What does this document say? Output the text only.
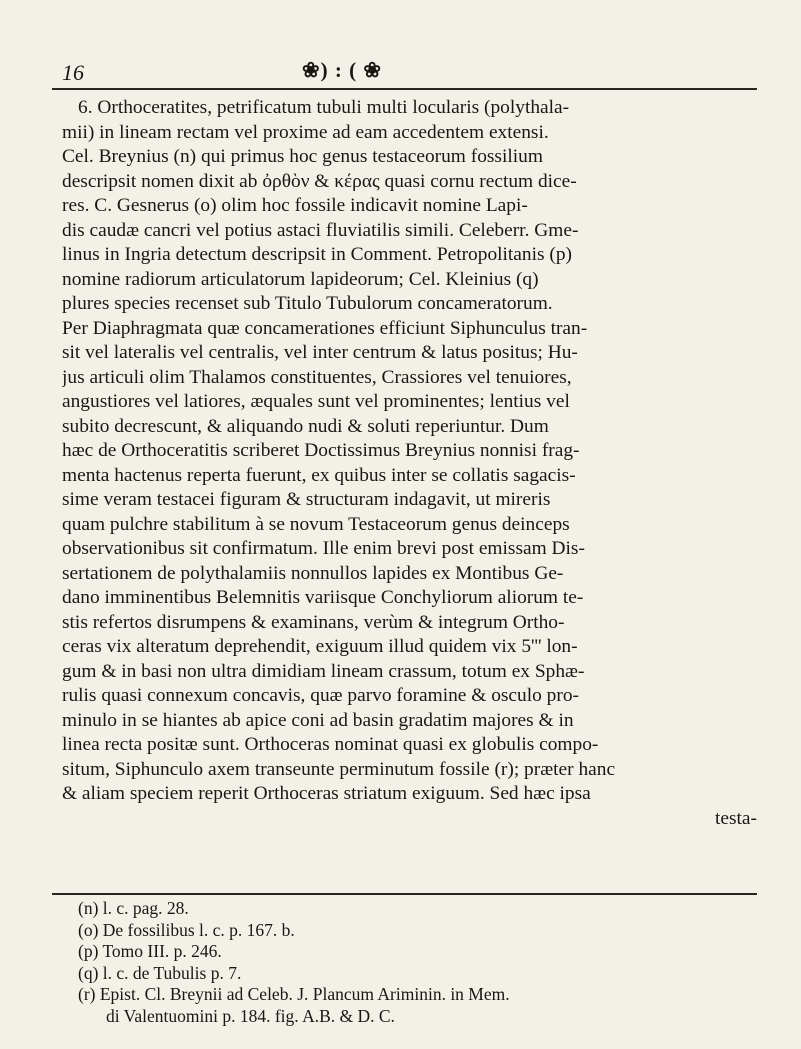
16	❀) : ( ❀
6. Orthoceratites, petrificatum tubuli multi locularis (polythala-
mii) in lineam rectam vel proxime ad eam accedentem extensi.
Cel. Breynius (n) qui primus hoc genus testaceorum fossilium
descripsit nomen dixit ab ὀρθὸν & κέρας quasi cornu rectum dice-
res. C. Gesnerus (o) olim hoc fossile indicavit nomine Lapi-
dis caudæ cancri vel potius astaci fluviatilis simili. Celeberr. Gme-
linus in Ingria detectum descripsit in Comment. Petropolitanis (p)
nomine radiorum articulatorum lapideorum; Cel. Kleinius (q)
plures species recenset sub Titulo Tubulorum concameratorum.
Per Diaphragmata quæ concamerationes efficiunt Siphunculus tran-
sit vel lateralis vel centralis, vel inter centrum & latus positus; Hu-
jus articuli olim Thalamos constituentes, Crassiores vel tenuiores,
angustiores vel latiores, æquales sunt vel prominentes; lentius vel
subito decrescunt, & aliquando nudi & soluti reperiuntur. Dum
hæc de Orthoceratitis scriberet Doctissimus Breynius nonnisi frag-
menta hactenus reperta fuerunt, ex quibus inter se collatis sagacis-
sime veram testacei figuram & structuram indagavit, ut mireris
quam pulchre stabilitum à se novum Testaceorum genus deinceps
observationibus sit confirmatum. Ille enim brevi post emissam Dis-
sertationem de polythalamiis nonnullos lapides ex Montibus Ge-
dano imminentibus Belemnitis variisque Conchyliorum aliorum te-
stis refertos disrumpens & examinans, verùm & integrum Ortho-
ceras vix alteratum deprehendit, exiguum illud quidem vix 5''' lon-
gum & in basi non ultra dimidiam lineam crassum, totum ex Sphæ-
rulis quasi connexum concavis, quæ parvo foramine & osculo pro-
minulo in se hiantes ab apice coni ad basin gradatim majores & in
linea recta positæ sunt. Orthoceras nominat quasi ex globulis compo-
situm, Siphunculo axem transeunte perminutum fossile (r); præter hanc
& aliam speciem reperit Orthoceras striatum exiguum. Sed hæc ipsa
testa-
(n) l. c. pag. 28.
(o) De fossilibus l. c. p. 167. b.
(p) Tomo III. p. 246.
(q) l. c. de Tubulis p. 7.
(r) Epist. Cl. Breynii ad Celeb. J. Plancum Ariminin. in Mem.
di Valentuomini p. 184. fig. A.B. & D. C.
